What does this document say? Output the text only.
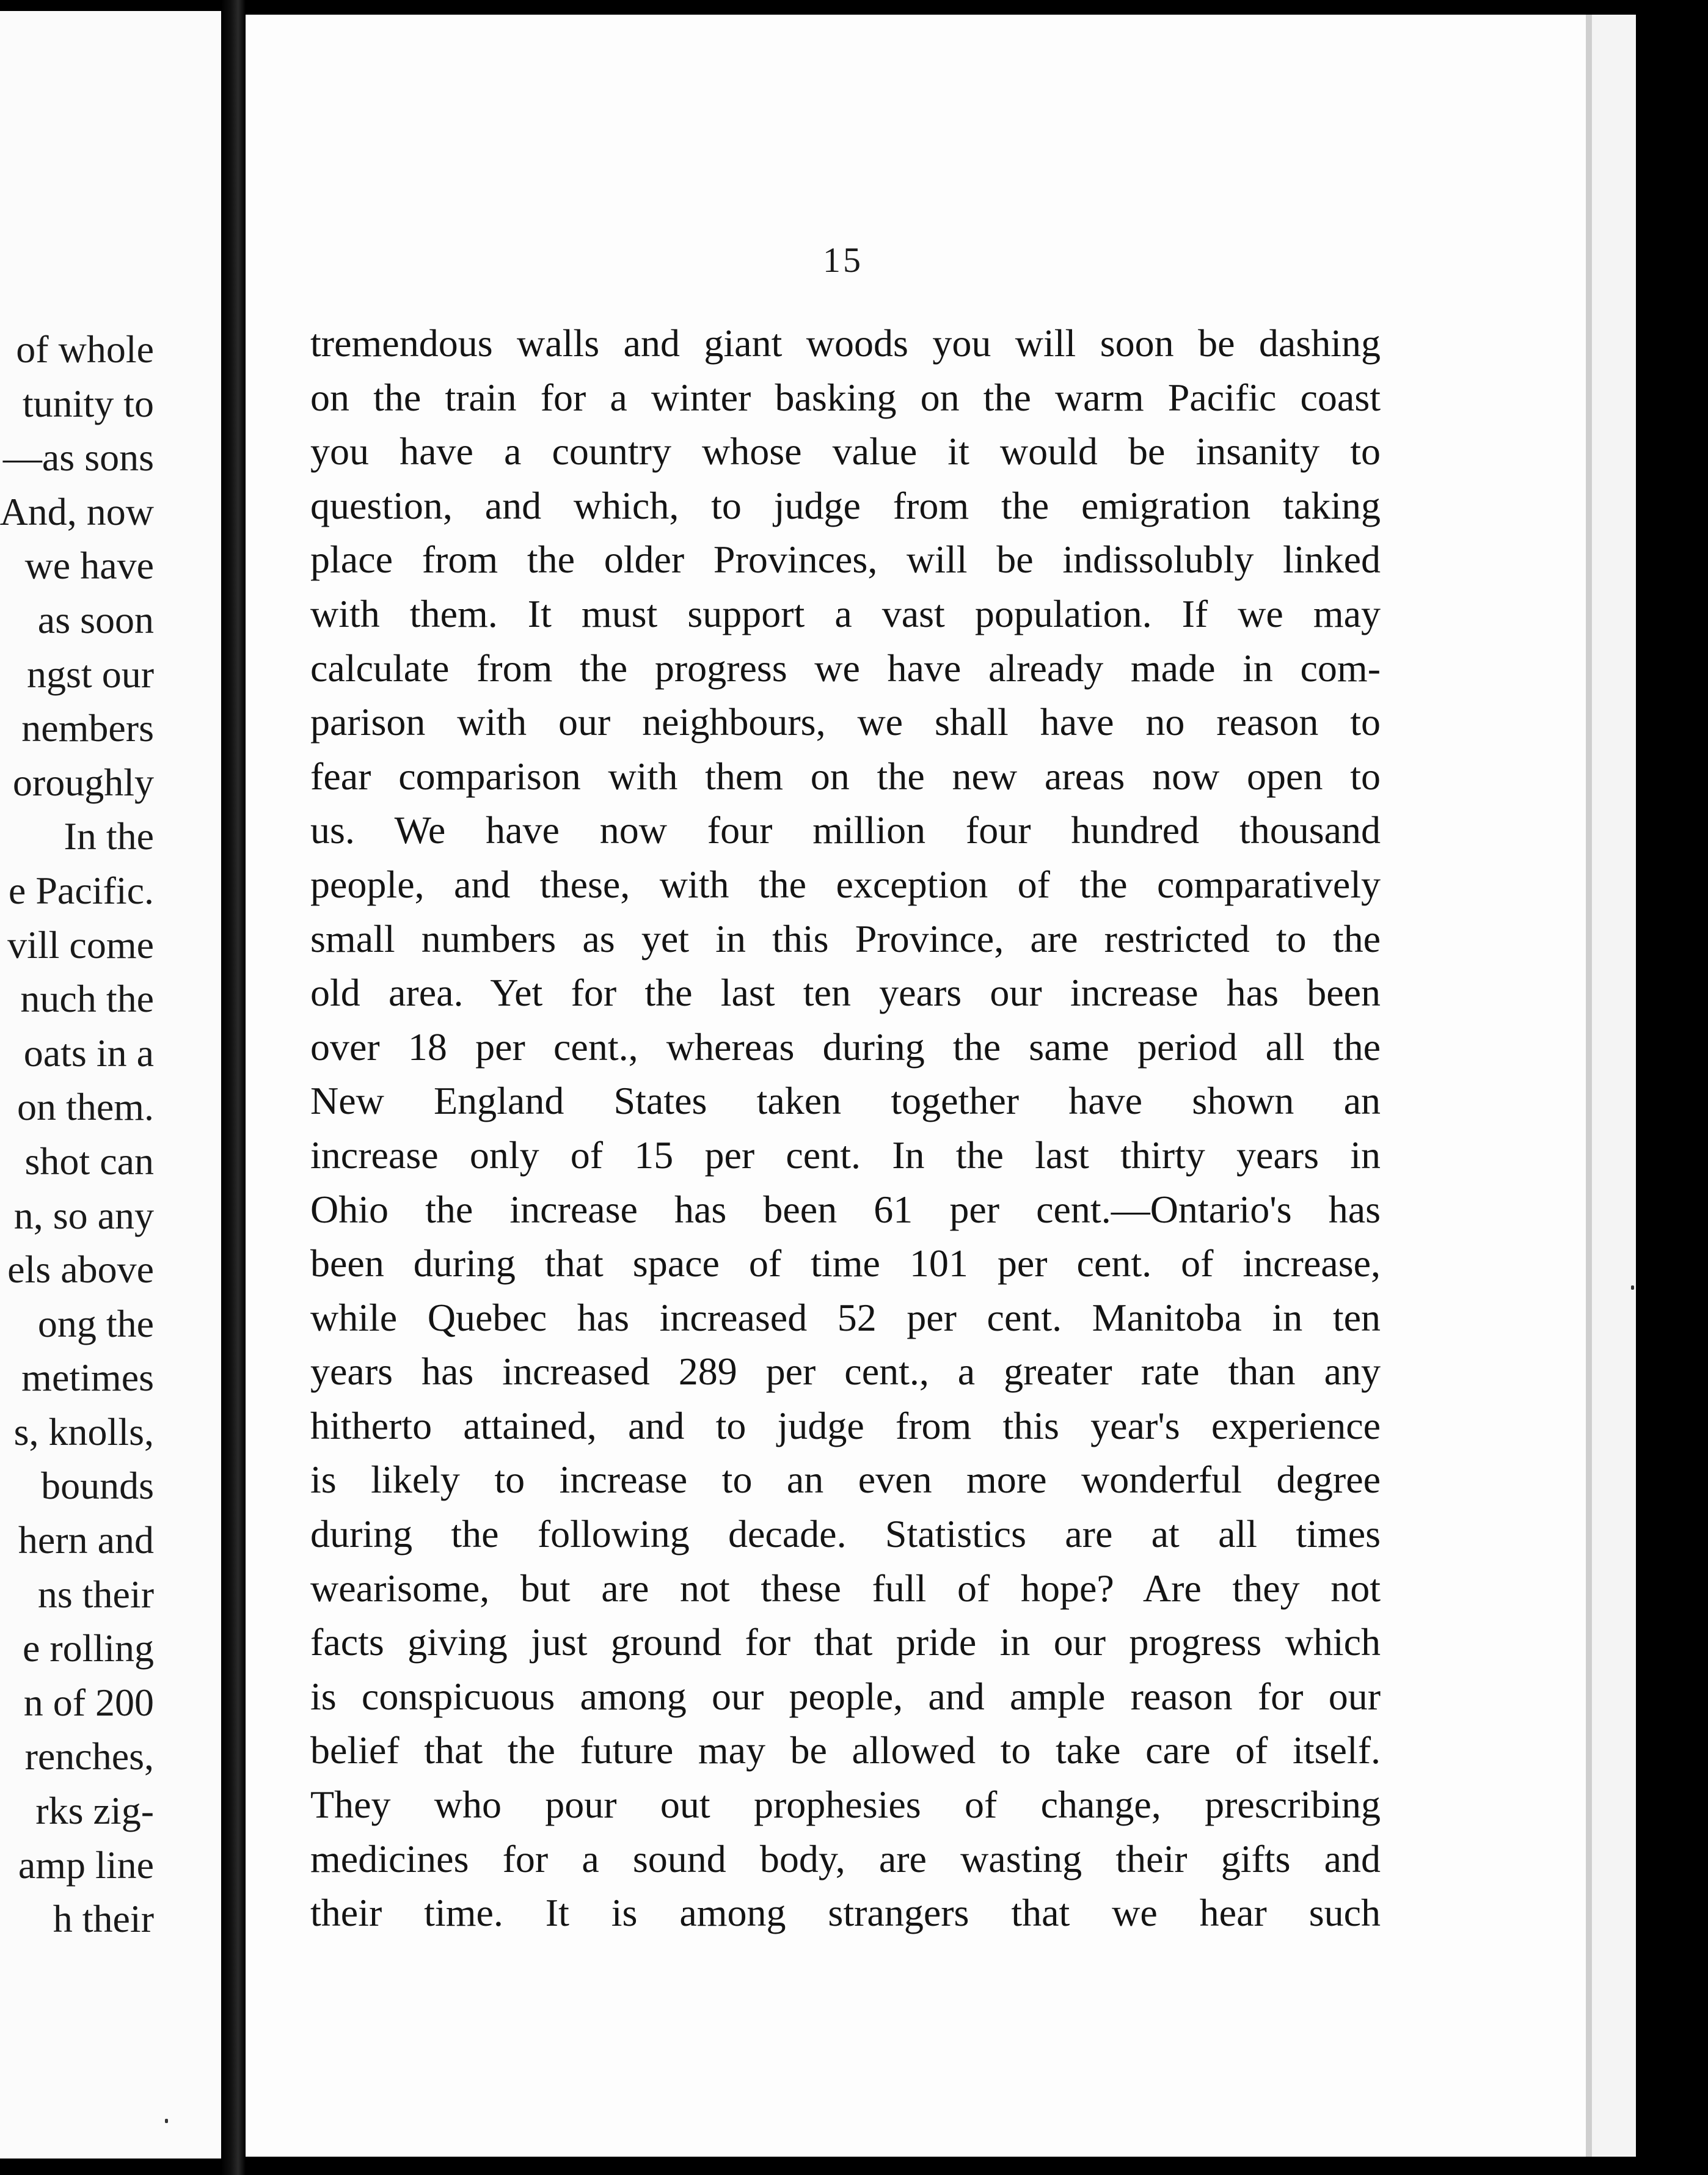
of whole
tunity to
—as sons
And, now
we have
as soon
ngst our
nembers
oroughly
In the
e Pacific.
vill come
nuch the
oats in a
on them.
shot can
n, so any
els above
ong the
metimes
s, knolls,
bounds
hern and
ns their
e rolling
n of 200
renches,
rks zig-
amp line
h their
15
tremendous walls and giant woods you will soon be dashing
on the train for a winter basking on the warm Pacific coast
you have a country whose value it would be insanity to
question, and which, to judge from the emigration taking
place from the older Provinces, will be indissolubly linked
with them. It must support a vast population. If we may
calculate from the progress we have already made in com-
parison with our neighbours, we shall have no reason to
fear comparison with them on the new areas now open to
us. We have now four million four hundred thousand
people, and these, with the exception of the comparatively
small numbers as yet in this Province, are restricted to the
old area. Yet for the last ten years our increase has been
over 18 per cent., whereas during the same period all the
New England States taken together have shown an
increase only of 15 per cent. In the last thirty years in
Ohio the increase has been 61 per cent.—Ontario's has
been during that space of time 101 per cent. of increase,
while Quebec has increased 52 per cent. Manitoba in ten
years has increased 289 per cent., a greater rate than any
hitherto attained, and to judge from this year's experience
is likely to increase to an even more wonderful degree
during the following decade. Statistics are at all times
wearisome, but are not these full of hope? Are they not
facts giving just ground for that pride in our progress which
is conspicuous among our people, and ample reason for our
belief that the future may be allowed to take care of itself.
They who pour out prophesies of change, prescribing
medicines for a sound body, are wasting their gifts and
their time. It is among strangers that we hear such
